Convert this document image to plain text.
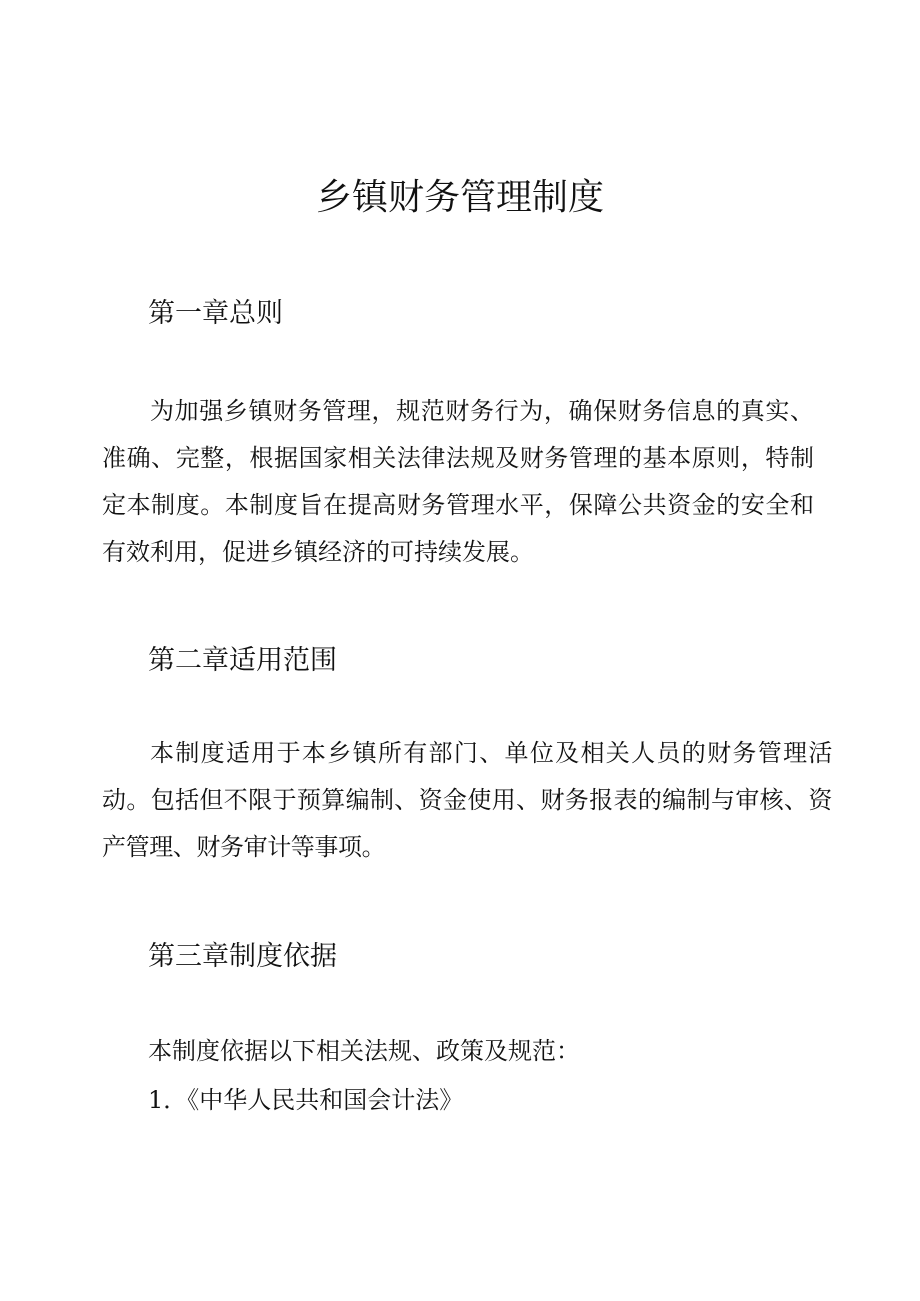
乡镇财务管理制度
第一章总则

为加强乡镇财务管理，规范财务行为，确保财务信息的真实、准确、完整，根据国家相关法律法规及财务管理的基本原则，特制定本制度。本制度旨在提高财务管理水平，保障公共资金的安全和有效利用，促进乡镇经济的可持续发展。

第二章适用范围

本制度适用于本乡镇所有部门、单位及相关人员的财务管理活动。包括但不限于预算编制、资金使用、财务报表的编制与审核、资产管理、财务审计等事项。

第三章制度依据

本制度依据以下相关法规、政策及规范：

1．《中华人民共和国会计法》
